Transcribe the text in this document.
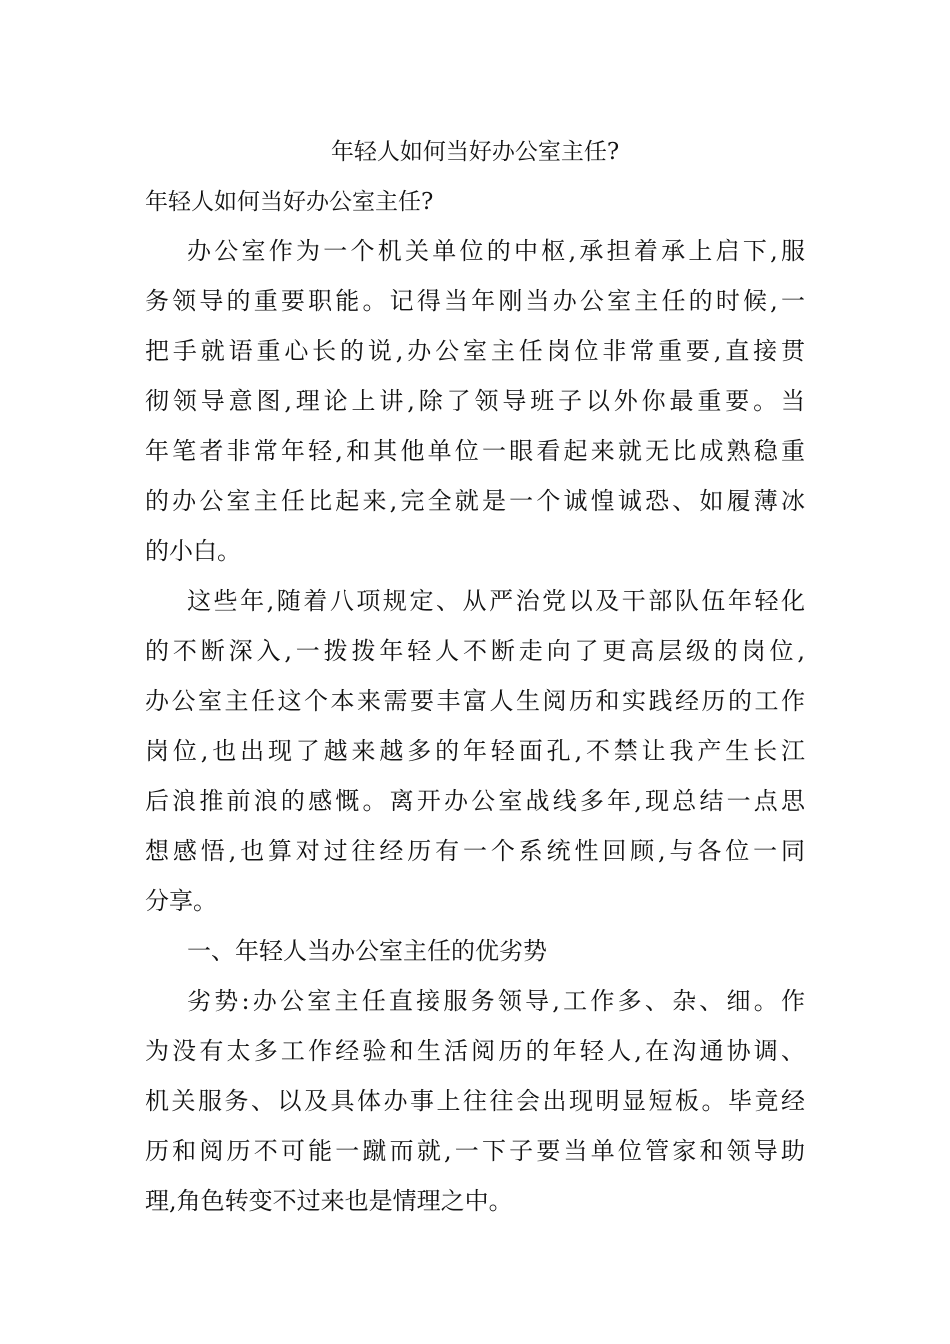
年轻人如何当好办公室主任?
年轻人如何当好办公室主任?

办公室作为一个机关单位的中枢,承担着承上启下,服
务领导的重要职能。记得当年刚当办公室主任的时候,一
把手就语重心长的说,办公室主任岗位非常重要,直接贯
彻领导意图,理论上讲,除了领导班子以外你最重要。当
年笔者非常年轻,和其他单位一眼看起来就无比成熟稳重
的办公室主任比起来,完全就是一个诚惶诚恐、如履薄冰
的小白。

这些年,随着八项规定、从严治党以及干部队伍年轻化
的不断深入,一拨拨年轻人不断走向了更高层级的岗位,
办公室主任这个本来需要丰富人生阅历和实践经历的工作
岗位,也出现了越来越多的年轻面孔,不禁让我产生长江
后浪推前浪的感慨。离开办公室战线多年,现总结一点思
想感悟,也算对过往经历有一个系统性回顾,与各位一同
分享。

一、年轻人当办公室主任的优劣势

劣势:办公室主任直接服务领导,工作多、杂、细。作
为没有太多工作经验和生活阅历的年轻人,在沟通协调、
机关服务、以及具体办事上往往会出现明显短板。毕竟经
历和阅历不可能一蹴而就,一下子要当单位管家和领导助
理,角色转变不过来也是情理之中。
